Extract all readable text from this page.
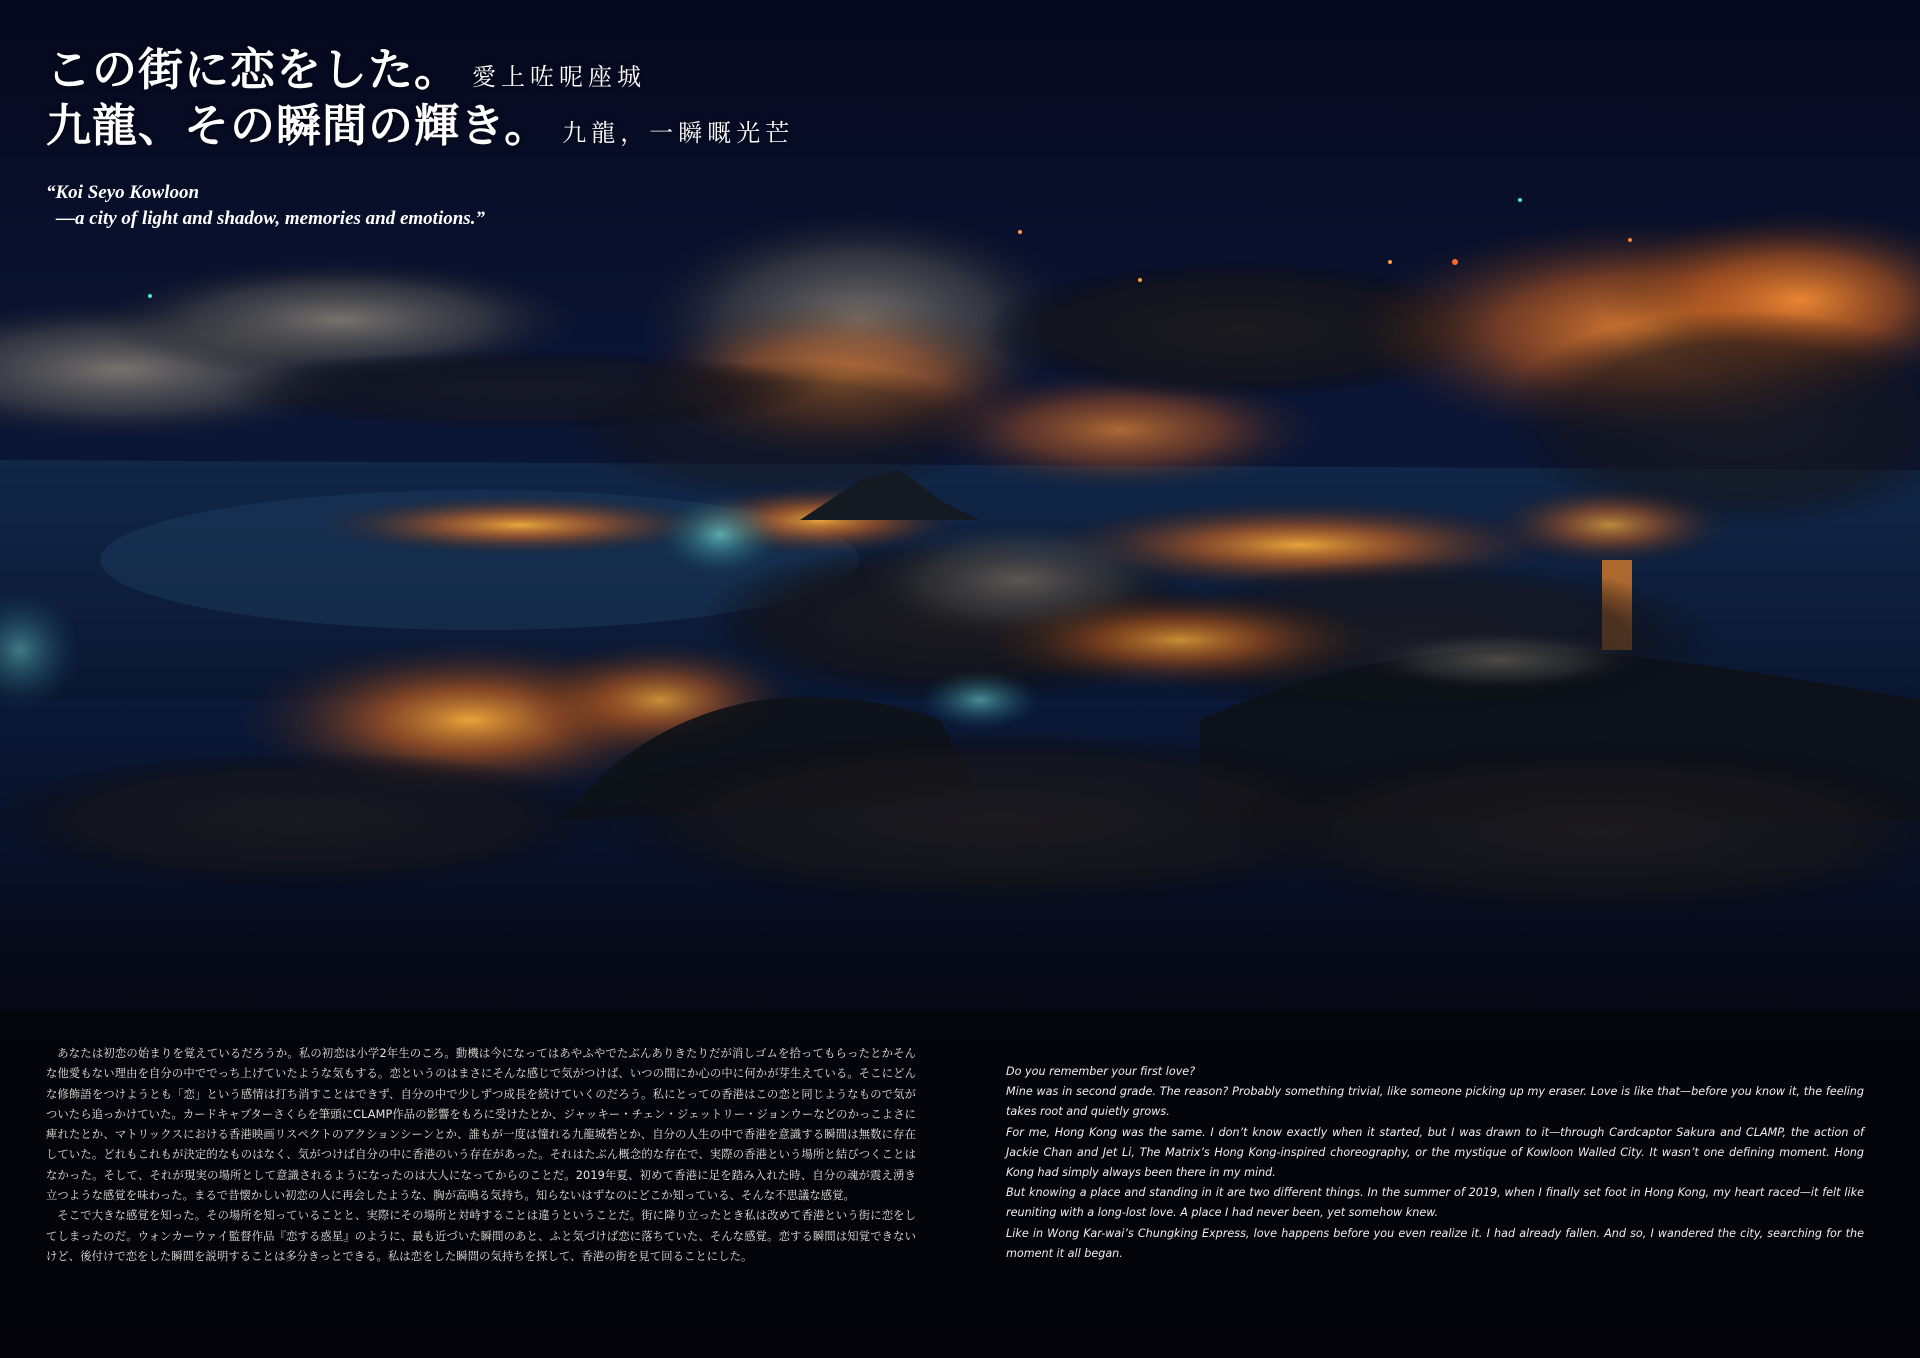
この街に恋をした。 愛上咗呢座城
九龍、その瞬間の輝き。 九龍，一瞬嘅光芒
“Koi Seyo Kowloon
—a city of light and shadow, memories and emotions.”

あなたは初恋の始まりを覚えているだろうか。私の初恋は小学2年生のころ。動機は今になってはあやふやでたぶんありきたりだが消しゴムを拾ってもらったとかそんな他愛もない理由を自分の中ででっち上げていたような気もする。恋というのはまさにそんな感じで気がつけば、いつの間にか心の中に何かが芽生えている。そこにどんな修飾語をつけようとも「恋」という感情は打ち消すことはできず、自分の中で少しずつ成長を続けていくのだろう。私にとっての香港はこの恋と同じようなもので気がついたら追っかけていた。カードキャプターさくらを筆頭にCLAMP作品の影響をもろに受けたとか、ジャッキー・チェン・ジェットリー・ジョンウーなどのかっこよさに痺れたとか、マトリックスにおける香港映画リスペクトのアクションシーンとか、誰もが一度は憧れる九龍城砦とか、自分の人生の中で香港を意識する瞬間は無数に存在していた。どれもこれもが決定的なものはなく、気がつけば自分の中に香港のいう存在があった。それはたぶん概念的な存在で、実際の香港という場所と結びつくことはなかった。そして、それが現実の場所として意識されるようになったのは大人になってからのことだ。2019年夏、初めて香港に足を踏み入れた時、自分の魂が震え湧き立つような感覚を味わった。まるで昔懐かしい初恋の人に再会したような、胸が高鳴る気持ち。知らないはずなのにどこか知っている、そんな不思議な感覚。

そこで大きな感覚を知った。その場所を知っていることと、実際にその場所と対峙することは違うということだ。街に降り立ったとき私は改めて香港という街に恋をしてしまったのだ。ウォンカーウァイ監督作品『恋する惑星』のように、最も近づいた瞬間のあと、ふと気づけば恋に落ちていた、そんな感覚。恋する瞬間は知覚できないけど、後付けで恋をした瞬間を説明することは多分きっとできる。私は恋をした瞬間の気持ちを探して、香港の街を見て回ることにした。

Do you remember your first love?

Mine was in second grade. The reason? Probably something trivial, like someone picking up my eraser. Love is like that—before you know it, the feeling takes root and quietly grows.

For me, Hong Kong was the same. I don’t know exactly when it started, but I was drawn to it—through Cardcaptor Sakura and CLAMP, the action of Jackie Chan and Jet Li, The Matrix’s Hong Kong-inspired choreography, or the mystique of Kowloon Walled City. It wasn’t one defining moment. Hong Kong had simply always been there in my mind.

But knowing a place and standing in it are two different things. In the summer of 2019, when I finally set foot in Hong Kong, my heart raced—it felt like reuniting with a long-lost love. A place I had never been, yet somehow knew.

Like in Wong Kar-wai’s Chungking Express, love happens before you even realize it. I had already fallen. And so, I wandered the city, searching for the moment it all began.
